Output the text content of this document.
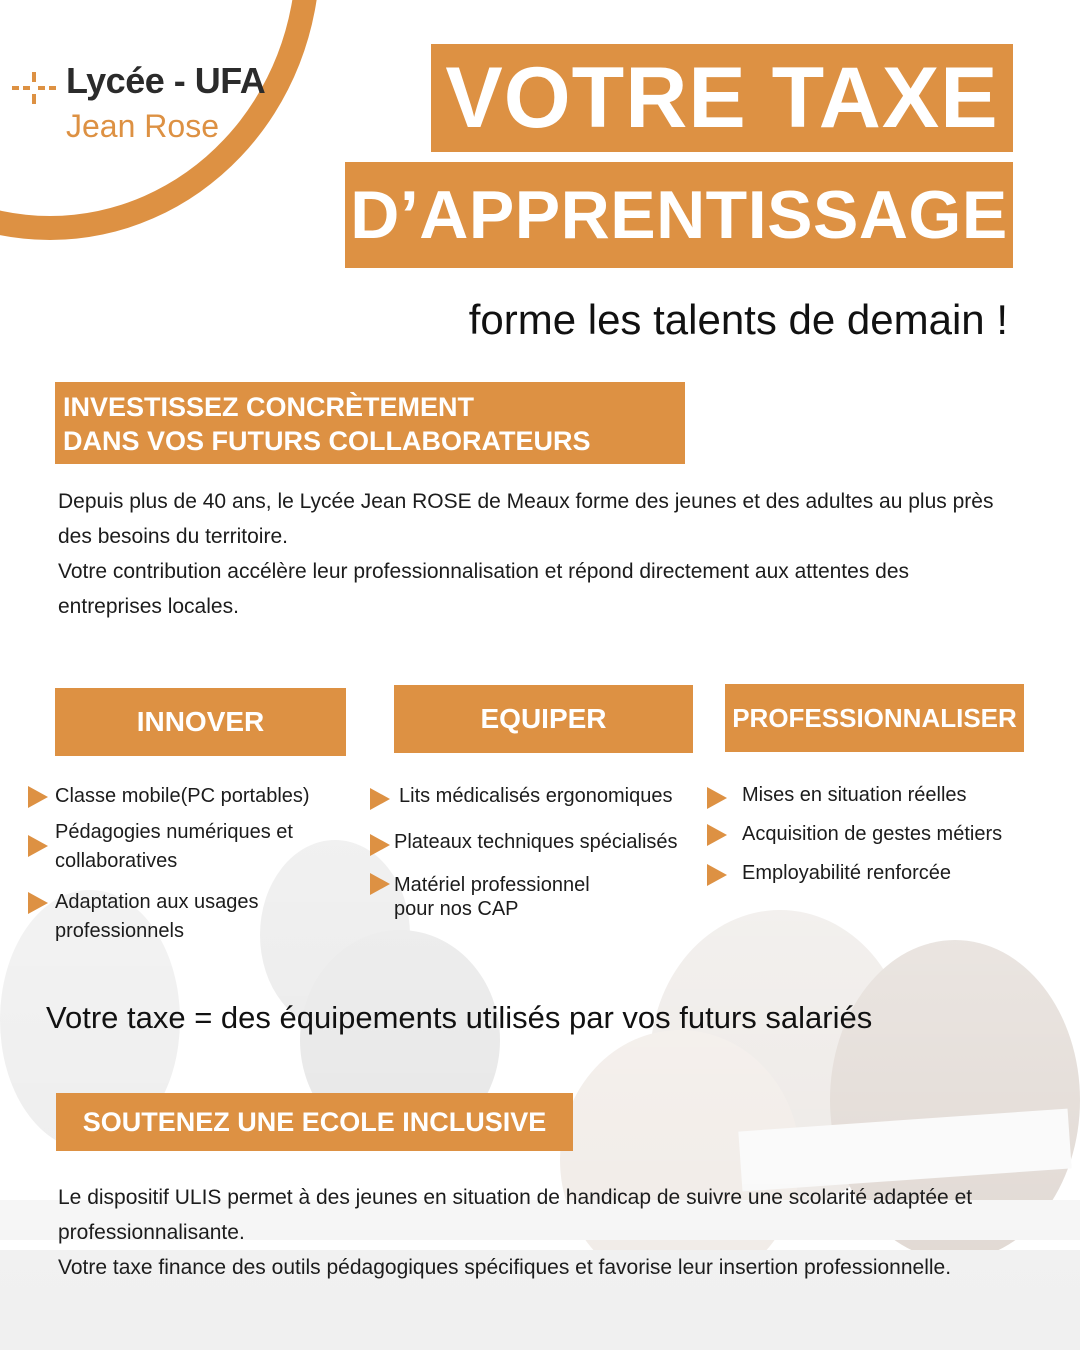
Lycée - UFA
Jean Rose	VOTRE TAXE
D’APPRENTISSAGE
forme les talents de demain !
INVESTISSEZ CONCRÈTEMENT
DANS VOS FUTURS COLLABORATEURS
Depuis plus de 40 ans, le Lycée Jean ROSE de Meaux forme des jeunes et des adultes au plus près des besoins du territoire.
Votre contribution accélère leur professionnalisation et répond directement aux attentes des entreprises locales.
INNOVER	EQUIPER	PROFESSIONNALISER
Classe mobile(PC portables)
Pédagogies numériques et collaboratives
Adaptation aux usages professionnels
Lits médicalisés ergonomiques
Plateaux techniques spécialisés
Matériel professionnel pour nos CAP
Mises en situation réelles
Acquisition de gestes métiers
Employabilité renforcée
Votre taxe = des équipements utilisés par vos futurs salariés
SOUTENEZ UNE ECOLE INCLUSIVE
Le dispositif ULIS permet à des jeunes en situation de handicap de suivre une scolarité adaptée et professionnalisante.
Votre taxe finance des outils pédagogiques spécifiques et favorise leur insertion professionnelle.
